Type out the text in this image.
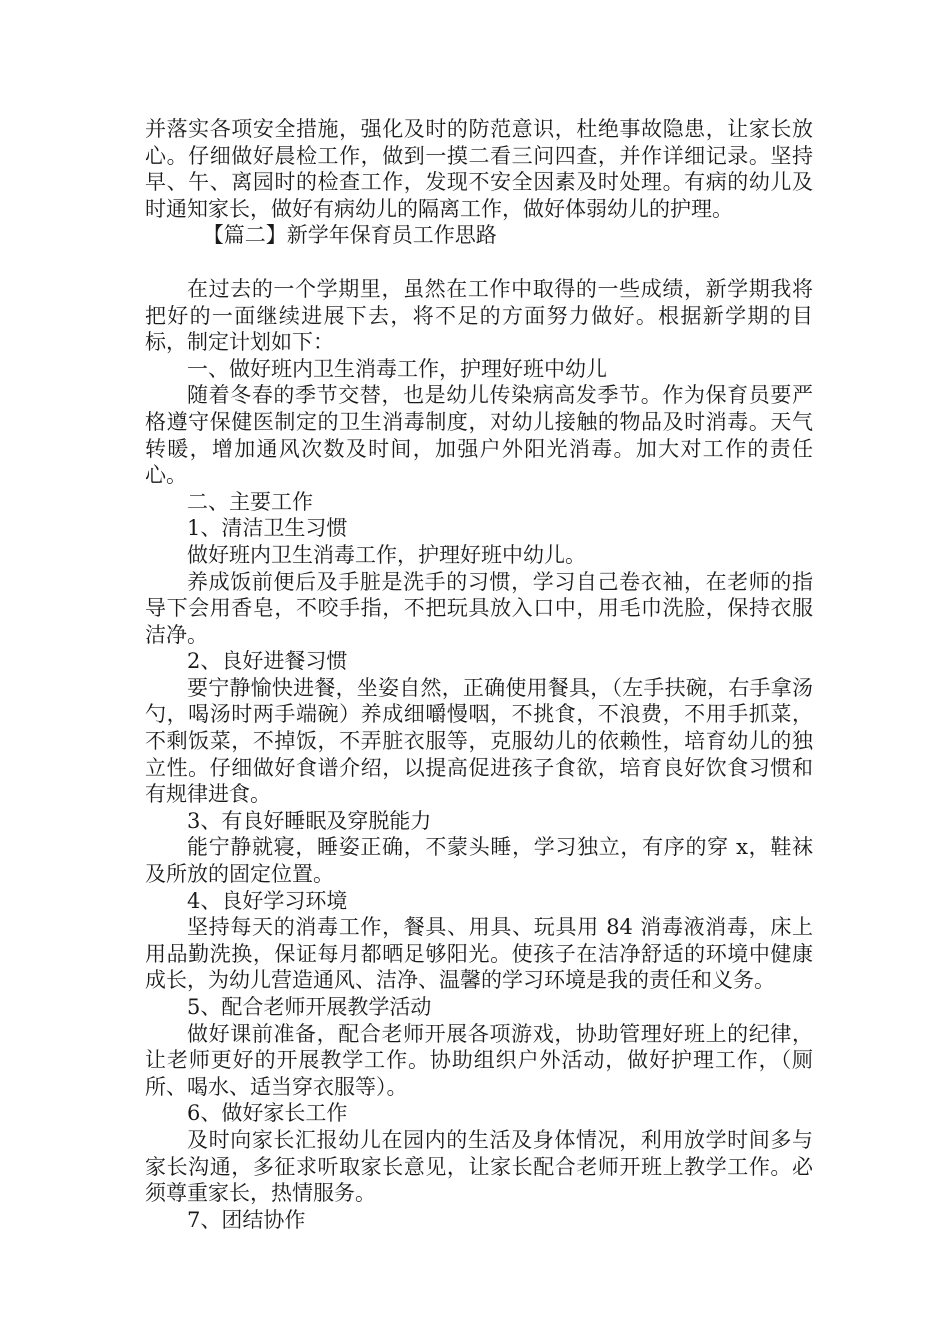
并落实各项安全措施，强化及时的防范意识，杜绝事故隐患，让家长放心。仔细做好晨检工作，做到一摸二看三问四查，并作详细记录。坚持早、午、离园时的检查工作，发现不安全因素及时处理。有病的幼儿及时通知家长，做好有病幼儿的隔离工作，做好体弱幼儿的护理。

【篇二】新学年保育员工作思路

在过去的一个学期里，虽然在工作中取得的一些成绩，新学期我将把好的一面继续进展下去，将不足的方面努力做好。根据新学期的目标，制定计划如下：

一、做好班内卫生消毒工作，护理好班中幼儿

随着冬春的季节交替，也是幼儿传染病高发季节。作为保育员要严格遵守保健医制定的卫生消毒制度，对幼儿接触的物品及时消毒。天气转暖，增加通风次数及时间，加强户外阳光消毒。加大对工作的责任心。

二、主要工作

1、清洁卫生习惯

做好班内卫生消毒工作，护理好班中幼儿。

养成饭前便后及手脏是洗手的习惯，学习自己卷衣袖，在老师的指导下会用香皂，不咬手指，不把玩具放入口中，用毛巾洗脸，保持衣服洁净。

2、良好进餐习惯

要宁静愉快进餐，坐姿自然，正确使用餐具，（左手扶碗，右手拿汤勺，喝汤时两手端碗）养成细嚼慢咽，不挑食，不浪费，不用手抓菜，不剩饭菜，不掉饭，不弄脏衣服等，克服幼儿的依赖性，培育幼儿的独立性。仔细做好食谱介绍，以提高促进孩子食欲，培育良好饮食习惯和有规律进食。

3、有良好睡眠及穿脱能力

能宁静就寝，睡姿正确，不蒙头睡，学习独立，有序的穿 x，鞋袜及所放的固定位置。

4、良好学习环境

坚持每天的消毒工作，餐具、用具、玩具用 84 消毒液消毒，床上用品勤洗换，保证每月都晒足够阳光。使孩子在洁净舒适的环境中健康成长，为幼儿营造通风、洁净、温馨的学习环境是我的责任和义务。

5、配合老师开展教学活动

做好课前准备，配合老师开展各项游戏，协助管理好班上的纪律，让老师更好的开展教学工作。协助组织户外活动，做好护理工作，（厕所、喝水、适当穿衣服等）。

6、做好家长工作

及时向家长汇报幼儿在园内的生活及身体情况，利用放学时间多与家长沟通，多征求听取家长意见，让家长配合老师开班上教学工作。必须尊重家长，热情服务。

7、团结协作
